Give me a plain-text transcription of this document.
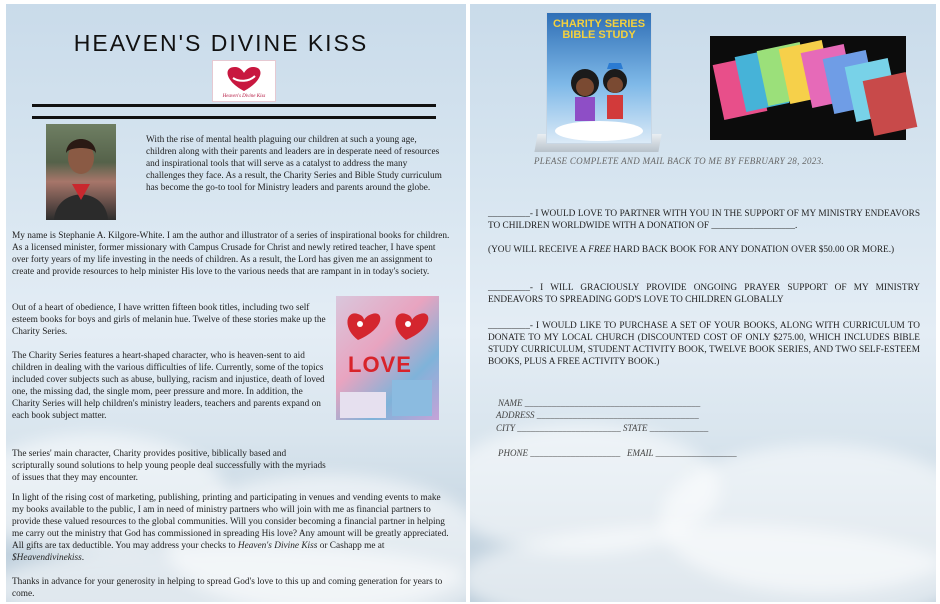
HEAVEN'S DIVINE KISS
Heaven's Divine Kiss
With the rise of mental health plaguing our children at such a young age, children along with their parents and leaders are in desperate need of resources and inspirational tools that will serve as a catalyst to address the many challenges they face. As a result, the Charity Series and Bible Study curriculum has become the go-to tool for Ministry leaders and parents around the globe.
My name is Stephanie A. Kilgore-White. I am the author and illustrator of a series of inspirational books for children. As a licensed minister, former missionary with Campus Crusade for Christ and newly retired teacher, I have spent over forty years of my life investing in the needs of children. As a result, the Lord has given me an assignment to create and provide resources to help minister His love to the various needs that are rampant in in today's society.
Out of a heart of obedience, I have written fifteen book titles, including two self esteem books for boys and girls of melanin hue. Twelve of these stories make up the Charity Series.
The Charity Series features a heart-shaped character, who is heaven-sent to aid children in dealing with the various difficulties of life. Currently, some of the topics included cover subjects such as abuse, bullying, racism and injustice, death of loved one, the missing dad, the single mom, peer pressure and more. In addition, the Charity Series will help children's ministry leaders, teachers and parents expand on each book subject matter.
LOVE
The series' main character, Charity provides positive, biblically based and scripturally sound solutions to help young people deal successfully with the myriads of issues that they may encounter.
In light of the rising cost of marketing, publishing, printing and participating in venues and vending events to make my books available to the public, I am in need of ministry partners who will join with me as financial partners to provide these valued resources to the global communities. Will you consider becoming a financial partner in helping me carry out the ministry that God has commissioned in spreading His love? Any amount will be greatly appreciated. All gifts are tax deductible. You may address your checks to Heaven's Divine Kiss or Cashapp me at $Heavendivinekiss.
Thanks in advance for your generosity in helping to spread God's love to this up and coming generation for years to come.
CHARITY SERIES
BIBLE STUDY
PLEASE COMPLETE AND MAIL BACK TO ME BY FEBRUARY 28, 2023.
_________- I WOULD LOVE TO PARTNER WITH YOU IN THE SUPPORT OF MY MINISTRY ENDEAVORS TO CHILDREN WORLDWIDE WITH A DONATION OF __________________.
(YOU WILL RECEIVE A FREE HARD BACK BOOK FOR ANY DONATION OVER $50.00 OR MORE.)
_________- I WILL GRACIOUSLY PROVIDE ONGOING PRAYER SUPPORT OF MY MINISTRY ENDEAVORS TO SPREADING GOD'S LOVE TO CHILDREN GLOBALLY
_________- I WOULD LIKE TO PURCHASE A SET OF YOUR BOOKS, ALONG WITH CURRICULUM TO DONATE TO MY LOCAL CHURCH (DISCOUNTED COST OF ONLY $275.00, WHICH INCLUDES BIBLE STUDY CURRICULUM, STUDENT ACTIVITY BOOK, TWELVE BOOK SERIES, AND TWO SELF-ESTEEM BOOKS, PLUS A FREE ACTIVITY BOOK.)
NAME _______________________________________
ADDRESS ____________________________________
CITY _______________________ STATE _____________
PHONE ____________________   EMAIL __________________
